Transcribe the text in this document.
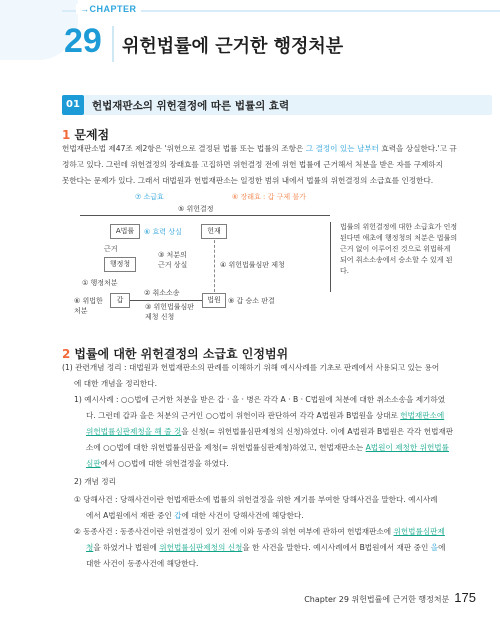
→ CHAPTER
29 위헌법률에 근거한 행정처분
01	헌법재판소의 위헌결정에 따른 법률의 효력
1 문제점
헌법재판소법 제47조 제2항은 '위헌으로 결정된 법률 또는 법률의 조항은 그 결정이 있는 날부터 효력을 상실한다.'고 규
정하고 있다. 그런데 위헌결정의 장래효를 고집하면 위헌결정 전에 위헌 법률에 근거해서 처분을 받은 자를 구제하지
못한다는 문제가 있다. 그래서 대법원과 헌법재판소는 일정한 범위 내에서 법률의 위헌결정의 소급효를 인정한다.
⑦ 소급효	⑥ 장래효 : 갑 구제 불가
⑤ 위헌결정
A법률	⑥ 효력 상실	헌재
근거
행정청
③ 처분의
근거 상실	④ 위헌법률심판 제청
① 행정처분
② 취소소송
갑	법원	⑨ 갑 승소 판결
⑥ 위법한
처분	③ 위헌법률심판
제청 신청
법률의 위헌결정에 대한 소급효가 인정된다면 애초에 행정청의 처분은 법률의 근거 없이 이루어진 것으로 위법하게 되어 취소소송에서 승소할 수 있게 된다.
2 법률에 대한 위헌결정의 소급효 인정범위
(1) 관련개념 정리 : 대법원과 헌법재판소의 판례를 이해하기 위해 예시사례를 기초로 판례에서 사용되고 있는 용어
에 대한 개념을 정리한다.
1) 예시사례 : ○○법에 근거한 처분을 받은 갑 · 을 · 병은 각각 A · B · C법원에 처분에 대한 취소소송을 제기하였
다. 그런데 갑과 을은 처분의 근거인 ○○법이 위헌이라 판단하여 각각 A법원과 B법원을 상대로 헌법재판소에
위헌법률심판제청을 해 줄 것을 신청(= 위헌법률심판제청의 신청)하였다. 이에 A법원과 B법원은 각각 헌법재판
소에 ○○법에 대한 위헌법률심판을 제청(= 위헌법률심판제청)하였고, 헌법재판소는 A법원이 제청한 위헌법률
심판에서 ○○법에 대한 위헌결정을 하였다.
2) 개념 정리
① 당해사건 : 당해사건이란 헌법재판소에 법률의 위헌결정을 위한 계기를 부여한 당해사건을 말한다. 예시사례
에서 A법원에서 재판 중인 갑에 대한 사건이 당해사건에 해당한다.
② 동종사건 : 동종사건이란 위헌결정이 있기 전에 이와 동종의 위헌 여부에 관하여 헌법재판소에 위헌법률심판제
청을 하였거나 법원에 위헌법률심판제청의 신청을 한 사건을 말한다. 예시사례에서 B법원에서 재판 중인 을에
대한 사건이 동종사건에 해당한다.
Chapter 29 위헌법률에 근거한 행정처분 175
